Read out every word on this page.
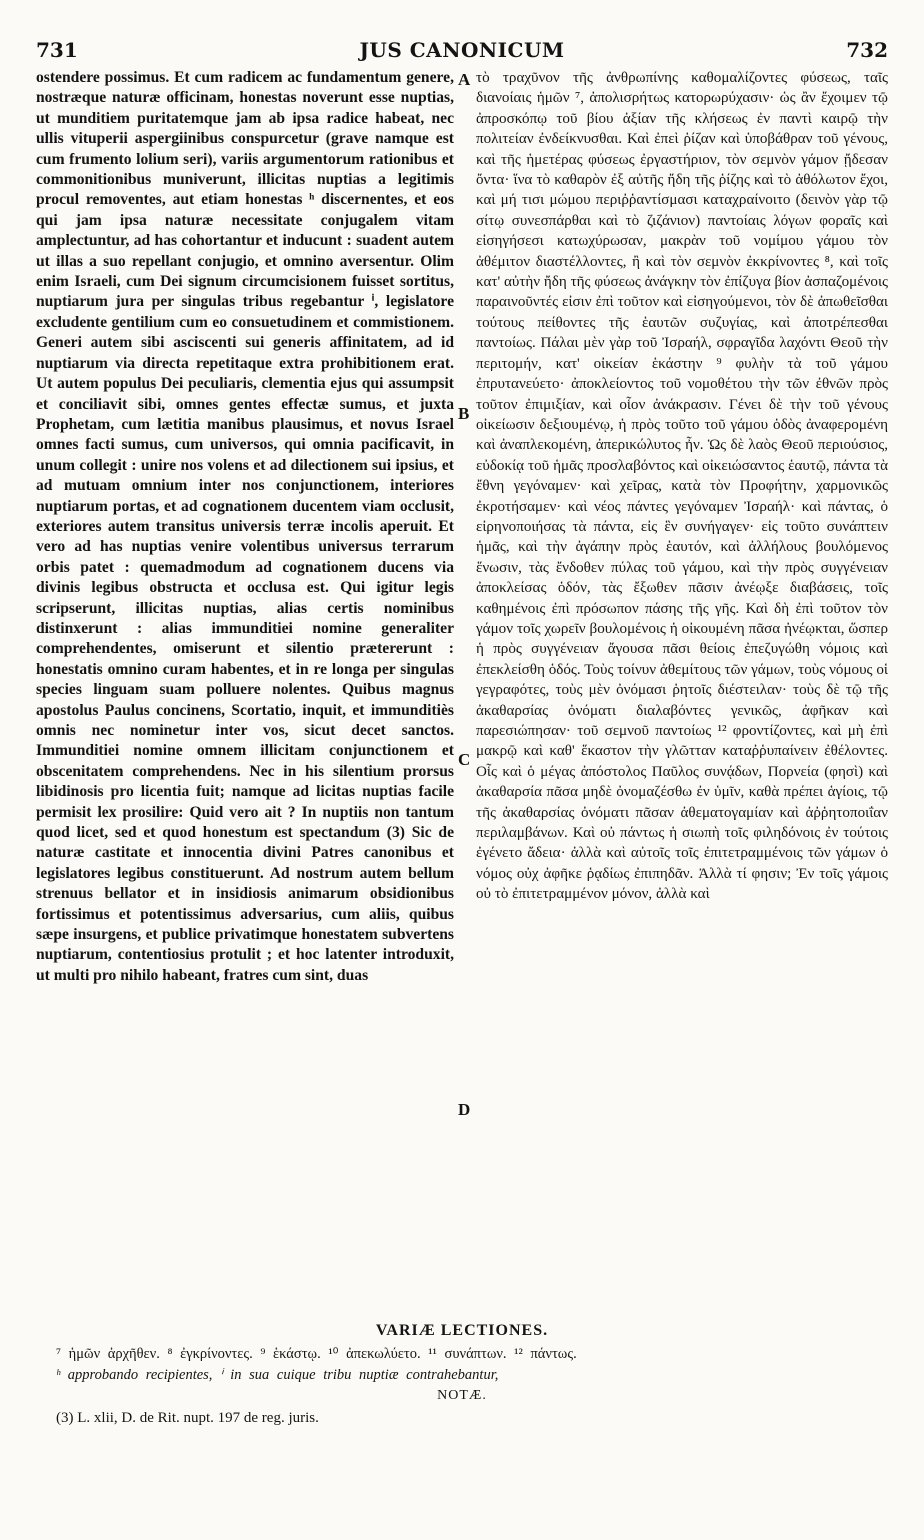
731	JUS CANONICUM	732

ostendere possimus. Et cum radicem ac fundamentum genere, nostræque naturæ officinam, honestas noverunt esse nuptias, ut munditiem puritatemque jam ab ipsa radice habeat, nec ullis vituperii aspergiinibus conspurcetur (grave namque est cum frumento lolium seri), variis argumentorum rationibus et commonitionibus muniverunt, illicitas nuptias a legitimis procul removentes, aut etiam honestas ʰ discernentes, et eos qui jam ipsa naturæ necessitate conjugalem vitam amplectuntur, ad has cohortantur et inducunt : suadent autem ut illas a suo repellant conjugio, et omnino aversentur. Olim enim Israeli, cum Dei signum circumcisionem fuisset sortitus, nuptiarum jura per singulas tribus regebantur ⁱ, legislatore excludente gentilium cum eo consuetudinem et commistionem. Generi autem sibi asciscenti sui generis affinitatem, ad id nuptiarum via directa repetitaque extra prohibitionem erat. Ut autem populus Dei peculiaris, clementia ejus qui assumpsit et conciliavit sibi, omnes gentes effectæ sumus, et juxta Prophetam, cum lætitia manibus plausimus, et novus Israel omnes facti sumus, cum universos, qui omnia pacificavit, in unum collegit : unire nos volens et ad dilectionem sui ipsius, et ad mutuam omnium inter nos conjunctionem, interiores nuptiarum portas, et ad cognationem ducentem viam occlusit, exteriores autem transitus universis terræ incolis aperuit. Et vero ad has nuptias venire volentibus universus terrarum orbis patet : quemadmodum ad cognationem ducens via divinis legibus obstructa et occlusa est. Qui igitur legis scripserunt, illicitas nuptias, alias certis nominibus distinxerunt : alias immunditiei nomine generaliter comprehendentes, omiserunt et silentio prætererunt : honestatis omnino curam habentes, et in re longa per singulas species linguam suam polluere nolentes. Quibus magnus apostolus Paulus concinens, Scortatio, inquit, et immunditiès omnis nec nominetur inter vos, sicut decet sanctos. Immunditiei nomine omnem illicitam conjunctionem et obscenitatem comprehendens. Nec in his silentium prorsus libidinosis pro licentia fuit; namque ad licitas nuptias facile permisit lex prosilire: Quid vero ait ? In nuptiis non tantum quod licet, sed et quod honestum est spectandum (3) Sic de naturæ castitate et innocentia divini Patres canonibus et legislatores legibus constituerunt. Ad nostrum autem bellum strenuus bellator et in insidiosis animarum obsidionibus fortissimus et potentissimus adversarius, cum aliis, quibus sæpe insurgens, et publice privatimque honestatem subvertens nuptiarum, contentiosius protulit ; et hoc latenter introduxit, ut multi pro nihilo habeant, fratres cum sint, duas

A
B
C
D

τὸ τραχῦνον τῆς ἀνθρωπίνης καθομαλίζοντες φύσεως, ταῖς διανοίαις ἡμῶν ⁷, ἀπολισρήτως κατορωρύχασιν· ὡς ἂν ἔχοιμεν τῷ ἀπροσκόπῳ τοῦ βίου ἀξίαν τῆς κλήσεως ἐν παντὶ καιρῷ τὴν πολιτείαν ἐνδείκνυσθαι. Καὶ ἐπεὶ ῥίζαν καὶ ὑποβάθραν τοῦ γένους, καὶ τῆς ἡμετέρας φύσεως ἐργαστήριον, τὸν σεμνὸν γάμον ᾔδεσαν ὄντα· ἵνα τὸ καθαρὸν ἐξ αὐτῆς ἤδη τῆς ῥίζης καὶ τὸ ἀθόλωτον ἔχοι, καὶ μή τισι μώμου περιῤῥαντίσμασι καταχραίνοιτο (δεινὸν γὰρ τῷ σίτῳ συνεσπάρθαι καὶ τὸ ζιζάνιον) παντοίαις λόγων φοραῖς καὶ εἰσηγήσεσι κατωχύρωσαν, μακρὰν τοῦ νομίμου γάμου τὸν ἀθέμιτον διαστέλλοντες, ἢ καὶ τὸν σεμνὸν ἐκκρίνοντες ⁸, καὶ τοῖς κατ' αὐτὴν ἤδη τῆς φύσεως ἀνάγκην τὸν ἐπίζυγα βίον ἀσπαζομένοις παραινοῦντές εἰσιν ἐπὶ τοῦτον καὶ εἰσηγούμενοι, τὸν δὲ ἀπωθεῖσθαι τούτους πείθοντες τῆς ἑαυτῶν συζυγίας, καὶ ἀποτρέπεσθαι παντοίως. Πάλαι μὲν γὰρ τοῦ Ἰσραήλ, σφραγῖδα λαχόντι Θεοῦ τὴν περιτομήν, κατ' οἰκείαν ἑκάστην ⁹ φυλὴν τὰ τοῦ γάμου ἐπρυτανεύετο· ἀποκλείοντος τοῦ νομοθέτου τὴν τῶν ἐθνῶν πρὸς τοῦτον ἐπιμιξίαν, καὶ οἷον ἀνάκρασιν. Γένει δὲ τὴν τοῦ γένους οἰκείωσιν δεξιουμένῳ, ἡ πρὸς τοῦτο τοῦ γάμου ὁδὸς ἀναφερομένη καὶ ἀναπλεκομένη, ἀπερικώλυτος ἦν. Ὡς δὲ λαὸς Θεοῦ περιούσιος, εὐδοκίᾳ τοῦ ἡμᾶς προσλαβόντος καὶ οἰκειώσαντος ἑαυτῷ, πάντα τὰ ἔθνη γεγόναμεν· καὶ χεῖρας, κατὰ τὸν Προφήτην, χαρμονικῶς ἐκροτήσαμεν· καὶ νέος πάντες γεγόναμεν Ἰσραήλ· καὶ πάντας, ὁ εἰρηνοποιήσας τὰ πάντα, εἰς ἓν συνήγαγεν· εἰς τοῦτο συνάπτειν ἡμᾶς, καὶ τὴν ἀγάπην πρὸς ἑαυτόν, καὶ ἀλλήλους βουλόμενος ἕνωσιν, τὰς ἔνδοθεν πύλας τοῦ γάμου, καὶ τὴν πρὸς συγγένειαν ἀποκλείσας ὁδόν, τὰς ἔξωθεν πᾶσιν ἀνέῳξε διαβάσεις, τοῖς καθημένοις ἐπὶ πρόσωπον πάσης τῆς γῆς. Καὶ δὴ ἐπὶ τοῦτον τὸν γάμον τοῖς χωρεῖν βουλομένοις ἡ οἰκουμένη πᾶσα ἠνέῳκται, ὥσπερ ἡ πρὸς συγγένειαν ἄγουσα πᾶσι θείοις ἐπεζυγώθη νόμοις καὶ ἐπεκλείσθη ὁδός. Τοὺς τοίνυν ἀθεμίτους τῶν γάμων, τοὺς νόμους οἱ γεγραφότες, τοὺς μὲν ὀνόμασι ῥητοῖς διέστειλαν· τοὺς δὲ τῷ τῆς ἀκαθαρσίας ὀνόματι διαλαβόντες γενικῶς, ἀφῆκαν καὶ παρεσιώπησαν· τοῦ σεμνοῦ παντοίως ¹² φροντίζοντες, καὶ μὴ ἐπὶ μακρῷ καὶ καθ' ἕκαστον τὴν γλῶτταν καταῤῥυπαίνειν ἐθέλοντες. Οἷς καὶ ὁ μέγας ἀπόστολος Παῦλος συνᾴδων, Πορνεία (φησὶ) καὶ ἀκαθαρσία πᾶσα μηδὲ ὀνομαζέσθω ἐν ὑμῖν, καθὰ πρέπει ἁγίοις, τῷ τῆς ἀκαθαρσίας ὀνόματι πᾶσαν ἀθεματογαμίαν καὶ ἀῤῥητοποιΐαν περιλαμβάνων. Καὶ οὐ πάντως ἡ σιωπὴ τοῖς φιληδόνοις ἐν τούτοις ἐγένετο ἄδεια· ἀλλὰ καὶ αὐτοῖς τοῖς ἐπιτετραμμένοις τῶν γάμων ὁ νόμος οὐχ ἀφῆκε ῥᾳδίως ἐπιπηδᾶν. Ἀλλὰ τί φησιν; Ἐν τοῖς γάμοις οὐ τὸ ἐπιτετραμμένον μόνον, ἀλλὰ καὶ

VARIÆ LECTIONES.
⁷ ἡμῶν ἀρχῆθεν. ⁸ ἐγκρίνοντες. ⁹ ἑκάστῳ. ¹⁰ ἀπεκωλύετο. ¹¹ συνάπτων. ¹² πάντως.
ʰ approbando recipientes, ⁱ in sua cuique tribu nuptiæ contrahebantur,
NOTÆ.
(3) L. xlii, D. de Rit. nupt. 197 de reg. juris.
